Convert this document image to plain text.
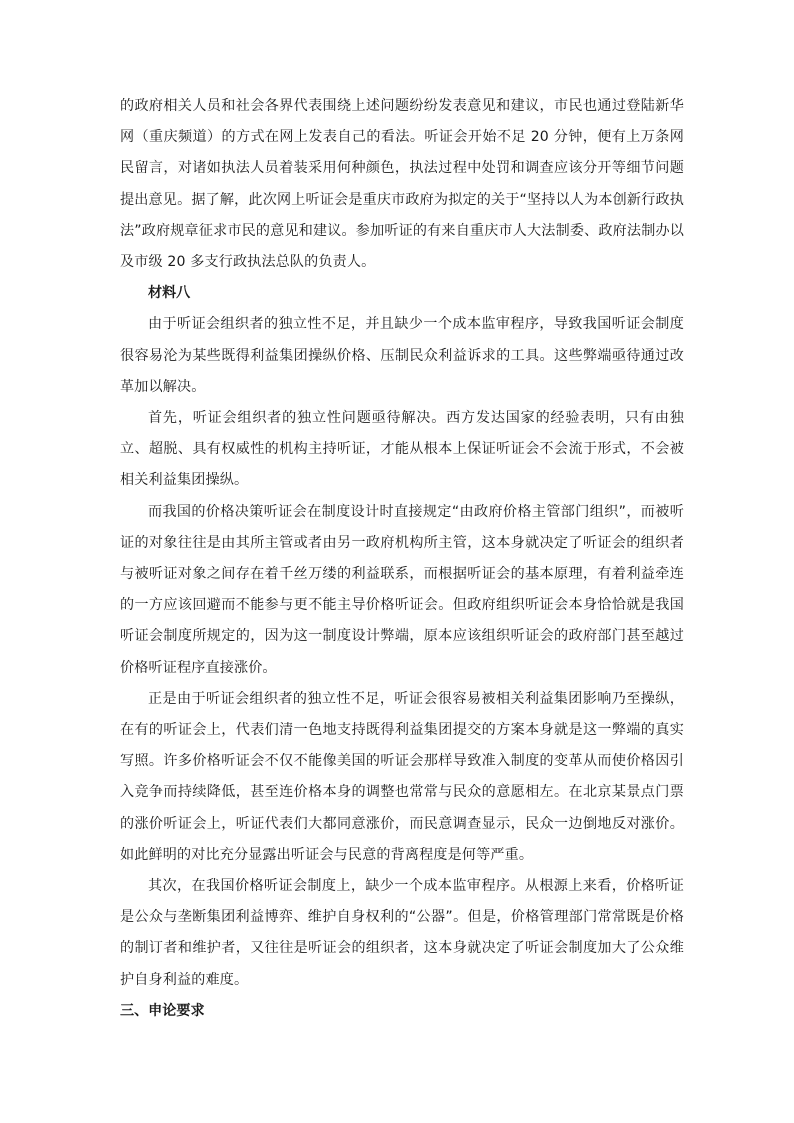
的政府相关人员和社会各界代表围绕上述问题纷纷发表意见和建议，市民也通过登陆新华网（重庆频道）的方式在网上发表自己的看法。听证会开始不足 20 分钟，便有上万条网民留言，对诸如执法人员着装采用何种颜色，执法过程中处罚和调查应该分开等细节问题提出意见。据了解，此次网上听证会是重庆市政府为拟定的关于“坚持以人为本创新行政执法”政府规章征求市民的意见和建议。参加听证的有来自重庆市人大法制委、政府法制办以及市级 20 多支行政执法总队的负责人。

材料八

由于听证会组织者的独立性不足，并且缺少一个成本监审程序，导致我国听证会制度很容易沦为某些既得利益集团操纵价格、压制民众利益诉求的工具。这些弊端亟待通过改革加以解决。

首先，听证会组织者的独立性问题亟待解决。西方发达国家的经验表明，只有由独立、超脱、具有权威性的机构主持听证，才能从根本上保证听证会不会流于形式，不会被相关利益集团操纵。

而我国的价格决策听证会在制度设计时直接规定“由政府价格主管部门组织”，而被听证的对象往往是由其所主管或者由另一政府机构所主管，这本身就决定了听证会的组织者与被听证对象之间存在着千丝万缕的利益联系，而根据听证会的基本原理，有着利益牵连的一方应该回避而不能参与更不能主导价格听证会。但政府组织听证会本身恰恰就是我国听证会制度所规定的，因为这一制度设计弊端，原本应该组织听证会的政府部门甚至越过价格听证程序直接涨价。

正是由于听证会组织者的独立性不足，听证会很容易被相关利益集团影响乃至操纵，在有的听证会上，代表们清一色地支持既得利益集团提交的方案本身就是这一弊端的真实写照。许多价格听证会不仅不能像美国的听证会那样导致准入制度的变革从而使价格因引入竞争而持续降低，甚至连价格本身的调整也常常与民众的意愿相左。在北京某景点门票的涨价听证会上，听证代表们大都同意涨价，而民意调查显示，民众一边倒地反对涨价。如此鲜明的对比充分显露出听证会与民意的背离程度是何等严重。

其次，在我国价格听证会制度上，缺少一个成本监审程序。从根源上来看，价格听证是公众与垄断集团利益博弈、维护自身权利的“公器”。但是，价格管理部门常常既是价格的制订者和维护者，又往往是听证会的组织者，这本身就决定了听证会制度加大了公众维护自身利益的难度。

三、申论要求
